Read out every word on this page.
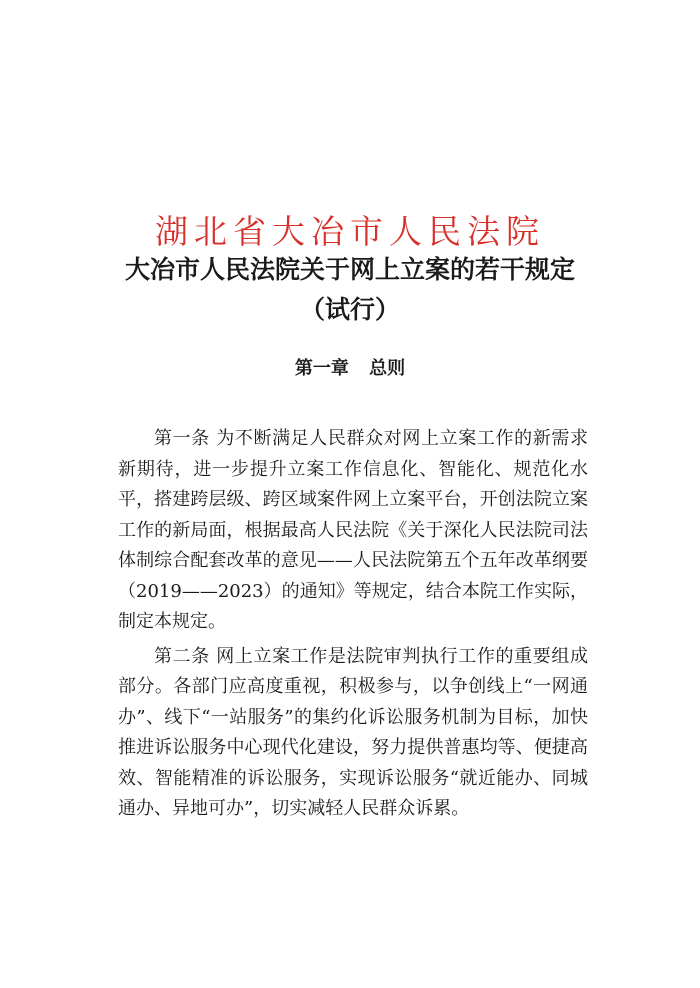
湖北省大冶市人民法院
大冶市人民法院关于网上立案的若干规定
（试行）
第一章 总则

第一条 为不断满足人民群众对网上立案工作的新需求新期待，进一步提升立案工作信息化、智能化、规范化水平，搭建跨层级、跨区域案件网上立案平台，开创法院立案工作的新局面，根据最高人民法院《关于深化人民法院司法体制综合配套改革的意见——人民法院第五个五年改革纲要（2019——2023）的通知》等规定，结合本院工作实际，制定本规定。

第二条 网上立案工作是法院审判执行工作的重要组成部分。各部门应高度重视，积极参与，以争创线上“一网通办”、线下“一站服务”的集约化诉讼服务机制为目标，加快推进诉讼服务中心现代化建设，努力提供普惠均等、便捷高效、智能精准的诉讼服务，实现诉讼服务“就近能办、同城通办、异地可办”，切实减轻人民群众诉累。
